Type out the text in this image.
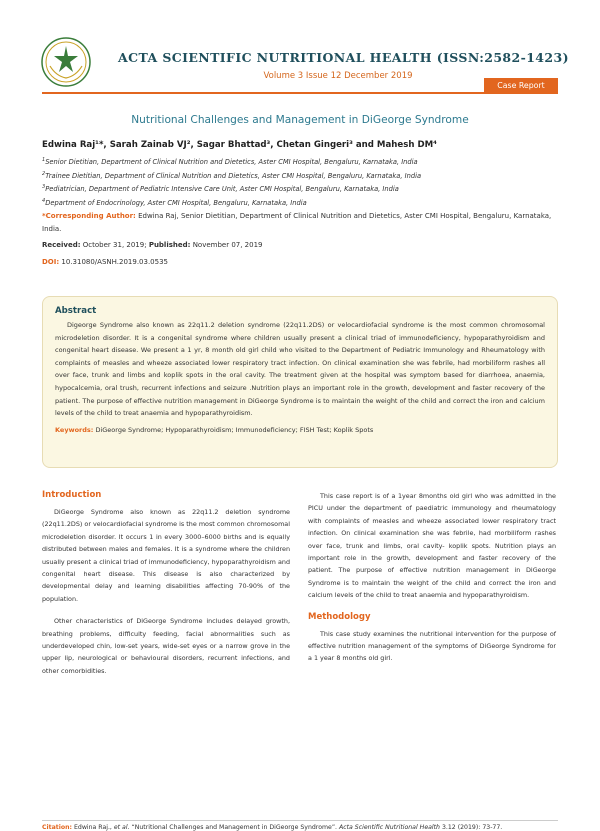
ACTA SCIENTIFIC NUTRITIONAL HEALTH (ISSN:2582-1423)
Volume 3 Issue 12 December 2019
Case Report
Nutritional Challenges and Management in DiGeorge Syndrome
Edwina Raj¹*, Sarah Zainab VJ², Sagar Bhattad³, Chetan Gingeri³ and Mahesh DM⁴
$^1$Senior Dietitian, Department of Clinical Nutrition and Dietetics, Aster CMI Hospital, Bengaluru, Karnataka, India
$^2$Trainee Dietitian, Department of Clinical Nutrition and Dietetics, Aster CMI Hospital, Bengaluru, Karnataka, India
$^3$Pediatrician, Department of Pediatric Intensive Care Unit, Aster CMI Hospital, Bengaluru, Karnataka, India
$^4$Department of Endocrinology, Aster CMI Hospital, Bengaluru, Karnataka, India
*Corresponding Author: Edwina Raj, Senior Dietitian, Department of Clinical Nutrition and Dietetics, Aster CMI Hospital, Bengaluru, Karnataka, India.
Received: October 31, 2019; Published: November 07, 2019
DOI: 10.31080/ASNH.2019.03.0535
Abstract

Digeorge Syndrome also known as 22q11.2 deletion syndrome (22q11.2DS) or velocardiofacial syndrome is the most common chromosomal microdeletion disorder. It is a congenital syndrome where children usually present a clinical triad of immunodeficiency, hypoparathyroidism and congenital heart disease. We present a 1 yr, 8 month old girl child who visited to the Department of Pediatric Immunology and Rheumatology with complaints of measles and wheeze associated lower respiratory tract infection. On clinical examination she was febrile, had morbiliform rashes all over face, trunk and limbs and koplik spots in the oral cavity. The treatment given at the hospital was symptom based for diarrhoea, anaemia, hypocalcemia, oral trush, recurrent infections and seizure .Nutrition plays an important role in the growth, development and faster recovery of the patient. The purpose of effective nutrition management in DiGeorge Syndrome is to maintain the weight of the child and correct the iron and calcium levels of the child to treat anaemia and hypoparathyroidism.

Keywords: DiGeorge Syndrome; Hypoparathyroidism; Immunodeficiency; FISH Test; Koplik Spots
Introduction

DiGeorge Syndrome also known as 22q11.2 deletion syndrome (22q11.2DS) or velocardiofacial syndrome is the most common chromosomal microdeletion disorder. It occurs 1 in every 3000–6000 births and is equally distributed between males and females. It is a syndrome where the children usually present a clinical triad of immunodeficiency, hypoparathyroidism and congenital heart disease. This disease is also characterized by developmental delay and learning disabilities affecting 70-90% of the population.

Other characteristics of DiGeorge Syndrome includes delayed growth, breathing problems, difficulty feeding, facial abnormalities such as underdeveloped chin, low-set years, wide-set eyes or a narrow grove in the upper lip, neurological or behavioural disorders, recurrent infections, and other comorbidities.

This case report is of a 1year 8months old girl who was admitted in the PICU under the department of paediatric immunology and rheumatology with complaints of measles and wheeze associated lower respiratory tract infection. On clinical examination she was febrile, had morbiliform rashes over face, trunk and limbs, oral cavity- koplik spots. Nutrition plays an important role in the growth, development and faster recovery of the patient. The purpose of effective nutrition management in DiGeorge Syndrome is to maintain the weight of the child and correct the iron and calcium levels of the child to treat anaemia and hypoparathyroidism.

Methodology

This case study examines the nutritional intervention for the purpose of effective nutrition management of the symptoms of DiGeorge Syndrome for a 1 year 8 months old girl.

Citation: Edwina Raj., et al. “Nutritional Challenges and Management in DiGeorge Syndrome”. Acta Scientific Nutritional Health 3.12 (2019): 73-77.
